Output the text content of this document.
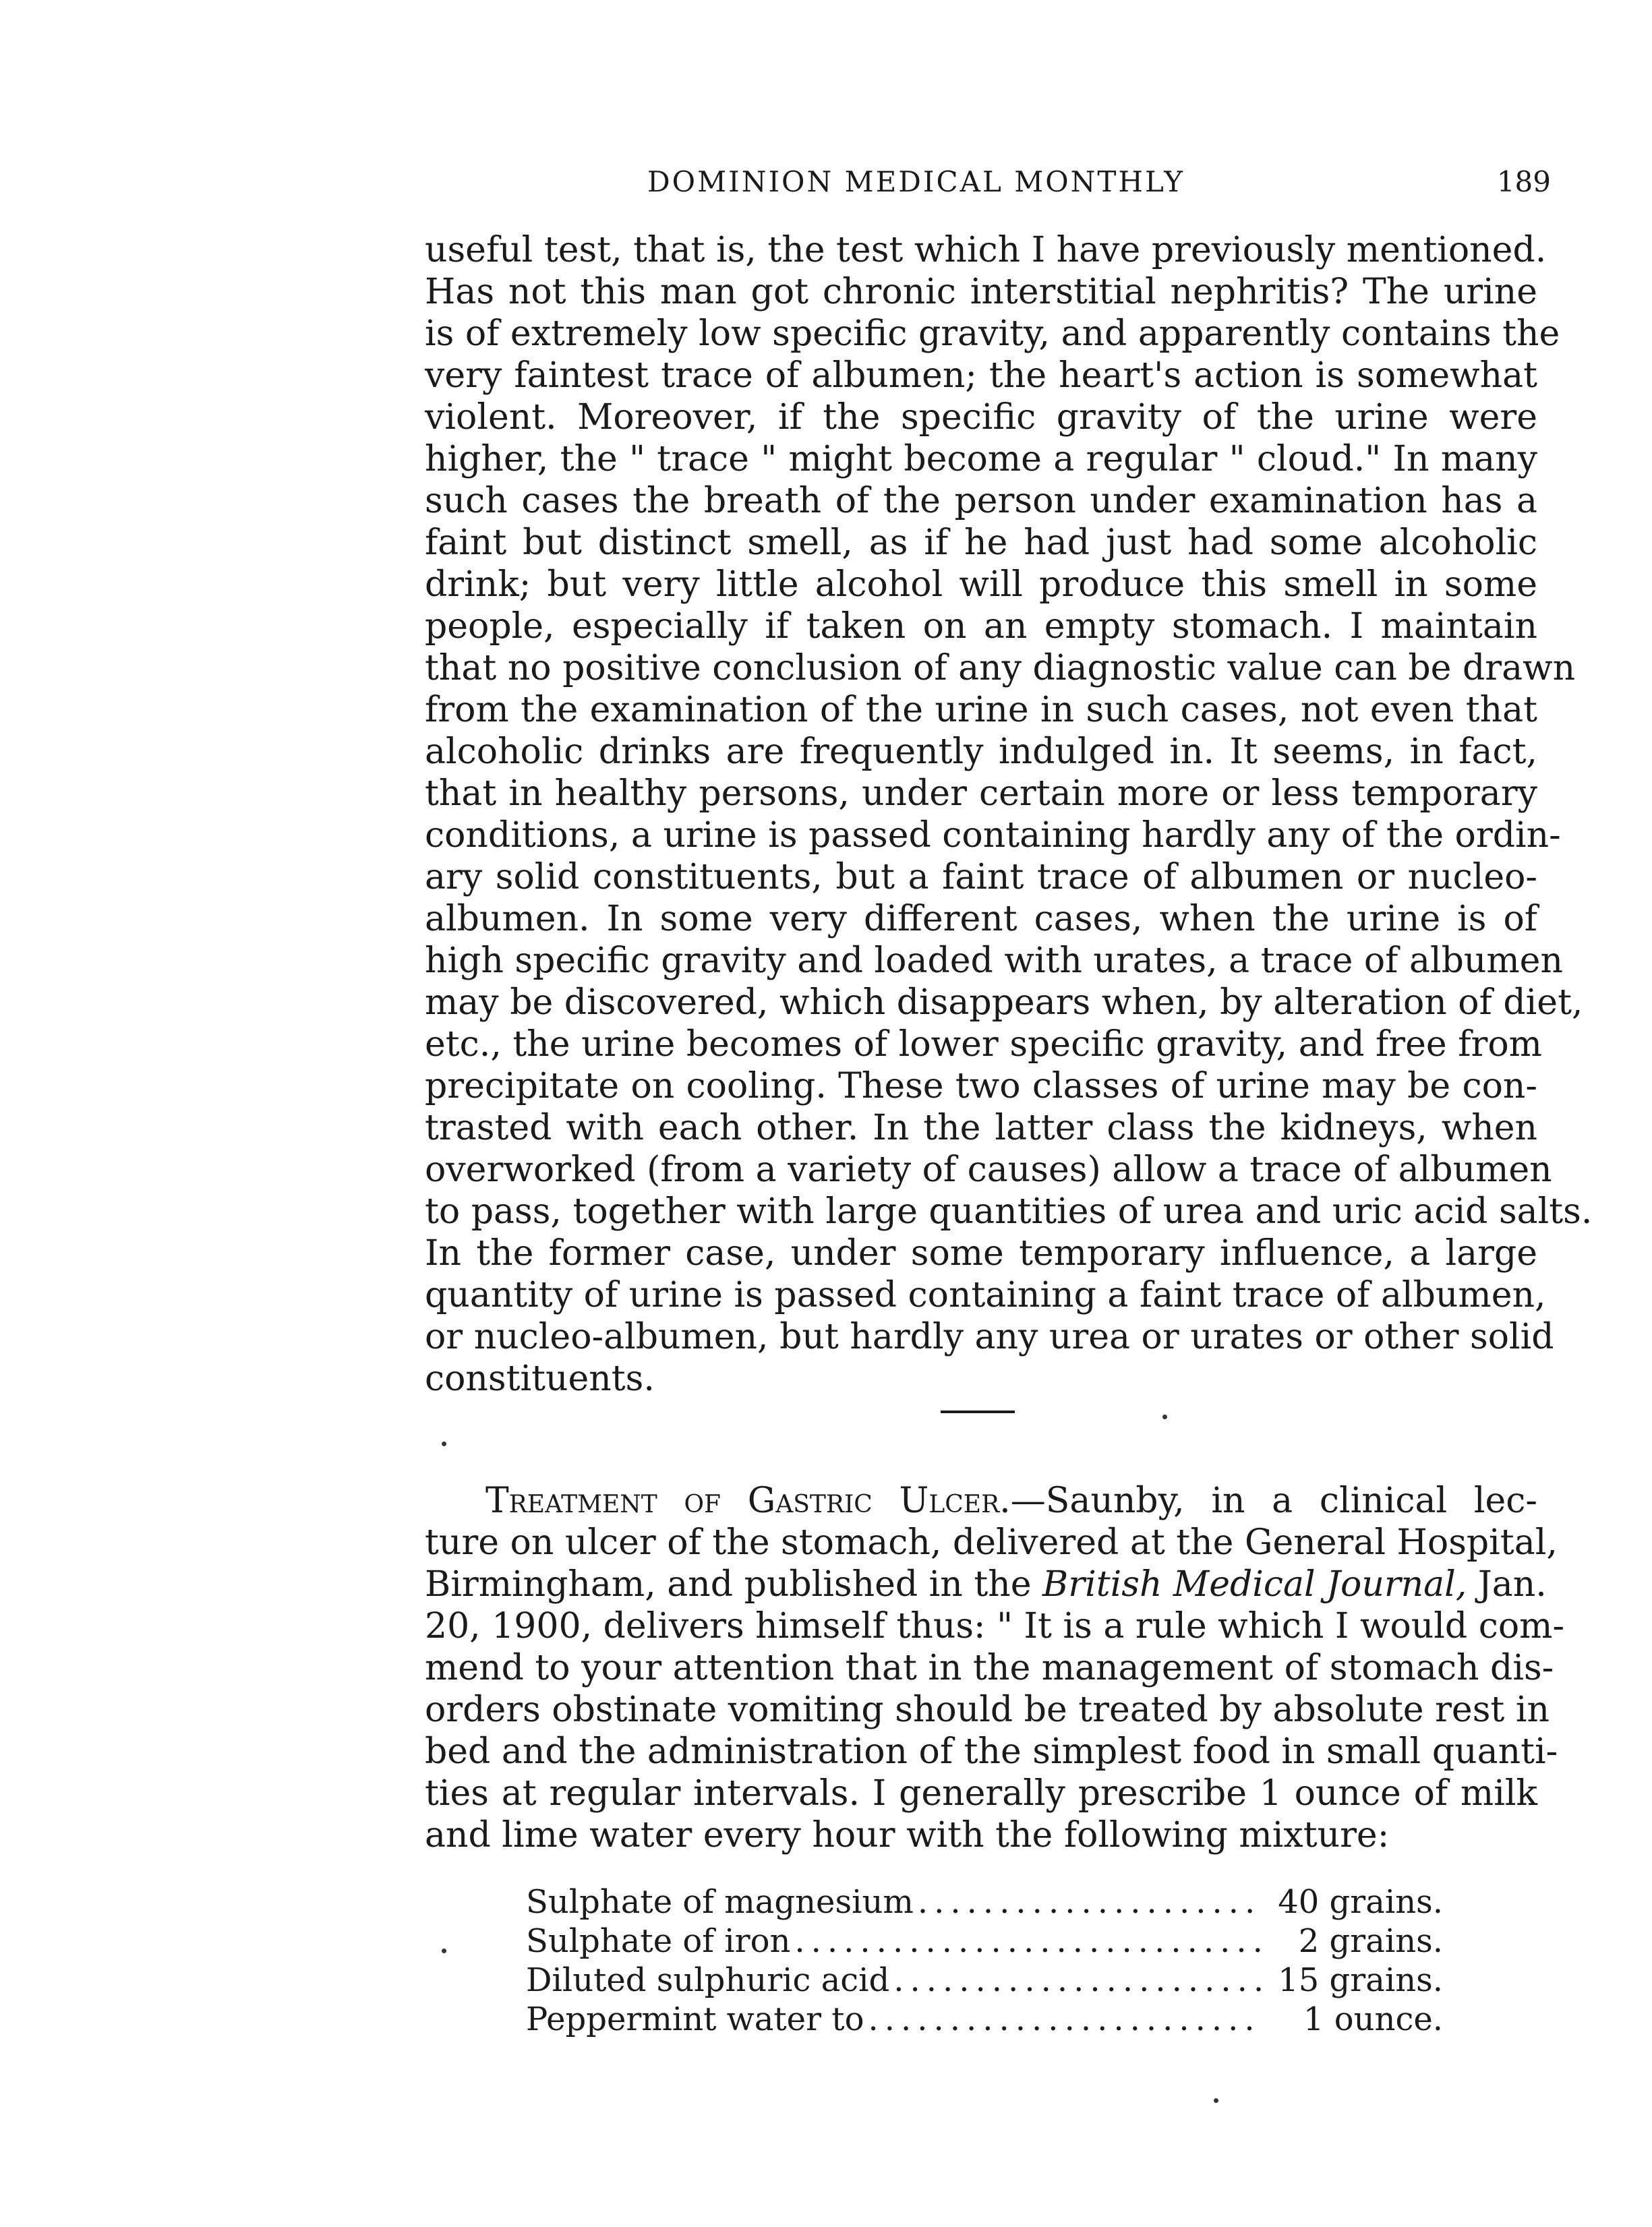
DOMINION MEDICAL MONTHLY	189
useful test, that is, the test which I have previously mentioned.
Has not this man got chronic interstitial nephritis? The urine
is of extremely low specific gravity, and apparently contains the
very faintest trace of albumen; the heart's action is somewhat
violent. Moreover, if the specific gravity of the urine were
higher, the " trace " might become a regular " cloud." In many
such cases the breath of the person under examination has a
faint but distinct smell, as if he had just had some alcoholic
drink; but very little alcohol will produce this smell in some
people, especially if taken on an empty stomach. I maintain
that no positive conclusion of any diagnostic value can be drawn
from the examination of the urine in such cases, not even that
alcoholic drinks are frequently indulged in. It seems, in fact,
that in healthy persons, under certain more or less temporary
conditions, a urine is passed containing hardly any of the ordin-
ary solid constituents, but a faint trace of albumen or nucleo-
albumen. In some very different cases, when the urine is of
high specific gravity and loaded with urates, a trace of albumen
may be discovered, which disappears when, by alteration of diet,
etc., the urine becomes of lower specific gravity, and free from
precipitate on cooling. These two classes of urine may be con-
trasted with each other. In the latter class the kidneys, when
overworked (from a variety of causes) allow a trace of albumen
to pass, together with large quantities of urea and uric acid salts.
In the former case, under some temporary influence, a large
quantity of urine is passed containing a faint trace of albumen,
or nucleo-albumen, but hardly any urea or urates or other solid
constituents.
Treatment of Gastric Ulcer.—Saunby, in a clinical lec-
ture on ulcer of the stomach, delivered at the General Hospital,
Birmingham, and published in the British Medical Journal, Jan.
20, 1900, delivers himself thus: " It is a rule which I would com-
mend to your attention that in the management of stomach dis-
orders obstinate vomiting should be treated by absolute rest in
bed and the administration of the simplest food in small quanti-
ties at regular intervals. I generally prescribe 1 ounce of milk
and lime water every hour with the following mixture:
Sulphate of magnesium .....	40 grains.
Sulphate of iron .....	2 grains.
Diluted sulphuric acid .....	15 grains.
Peppermint water to .....	1 ounce.
